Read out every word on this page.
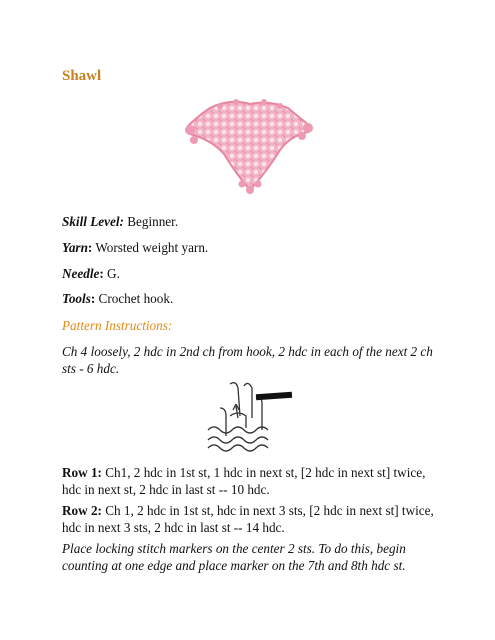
Shawl
Skill Level: Beginner.
Yarn: Worsted weight yarn.
Needle: G.
Tools: Crochet hook.
Pattern Instructions:
Ch 4 loosely, 2 hdc in 2nd ch from hook, 2 hdc in each of the next 2 ch sts - 6 hdc.
Row 1: Ch1, 2 hdc in 1st st, 1 hdc in next st, [2 hdc in next st] twice, hdc in next st, 2 hdc in last st -- 10 hdc.
Row 2: Ch 1, 2 hdc in 1st st, hdc in next 3 sts, [2 hdc in next st] twice, hdc in next 3 sts, 2 hdc in last st -- 14 hdc.
Place locking stitch markers on the center 2 sts. To do this, begin counting at one edge and place marker on the 7th and 8th hdc st.
